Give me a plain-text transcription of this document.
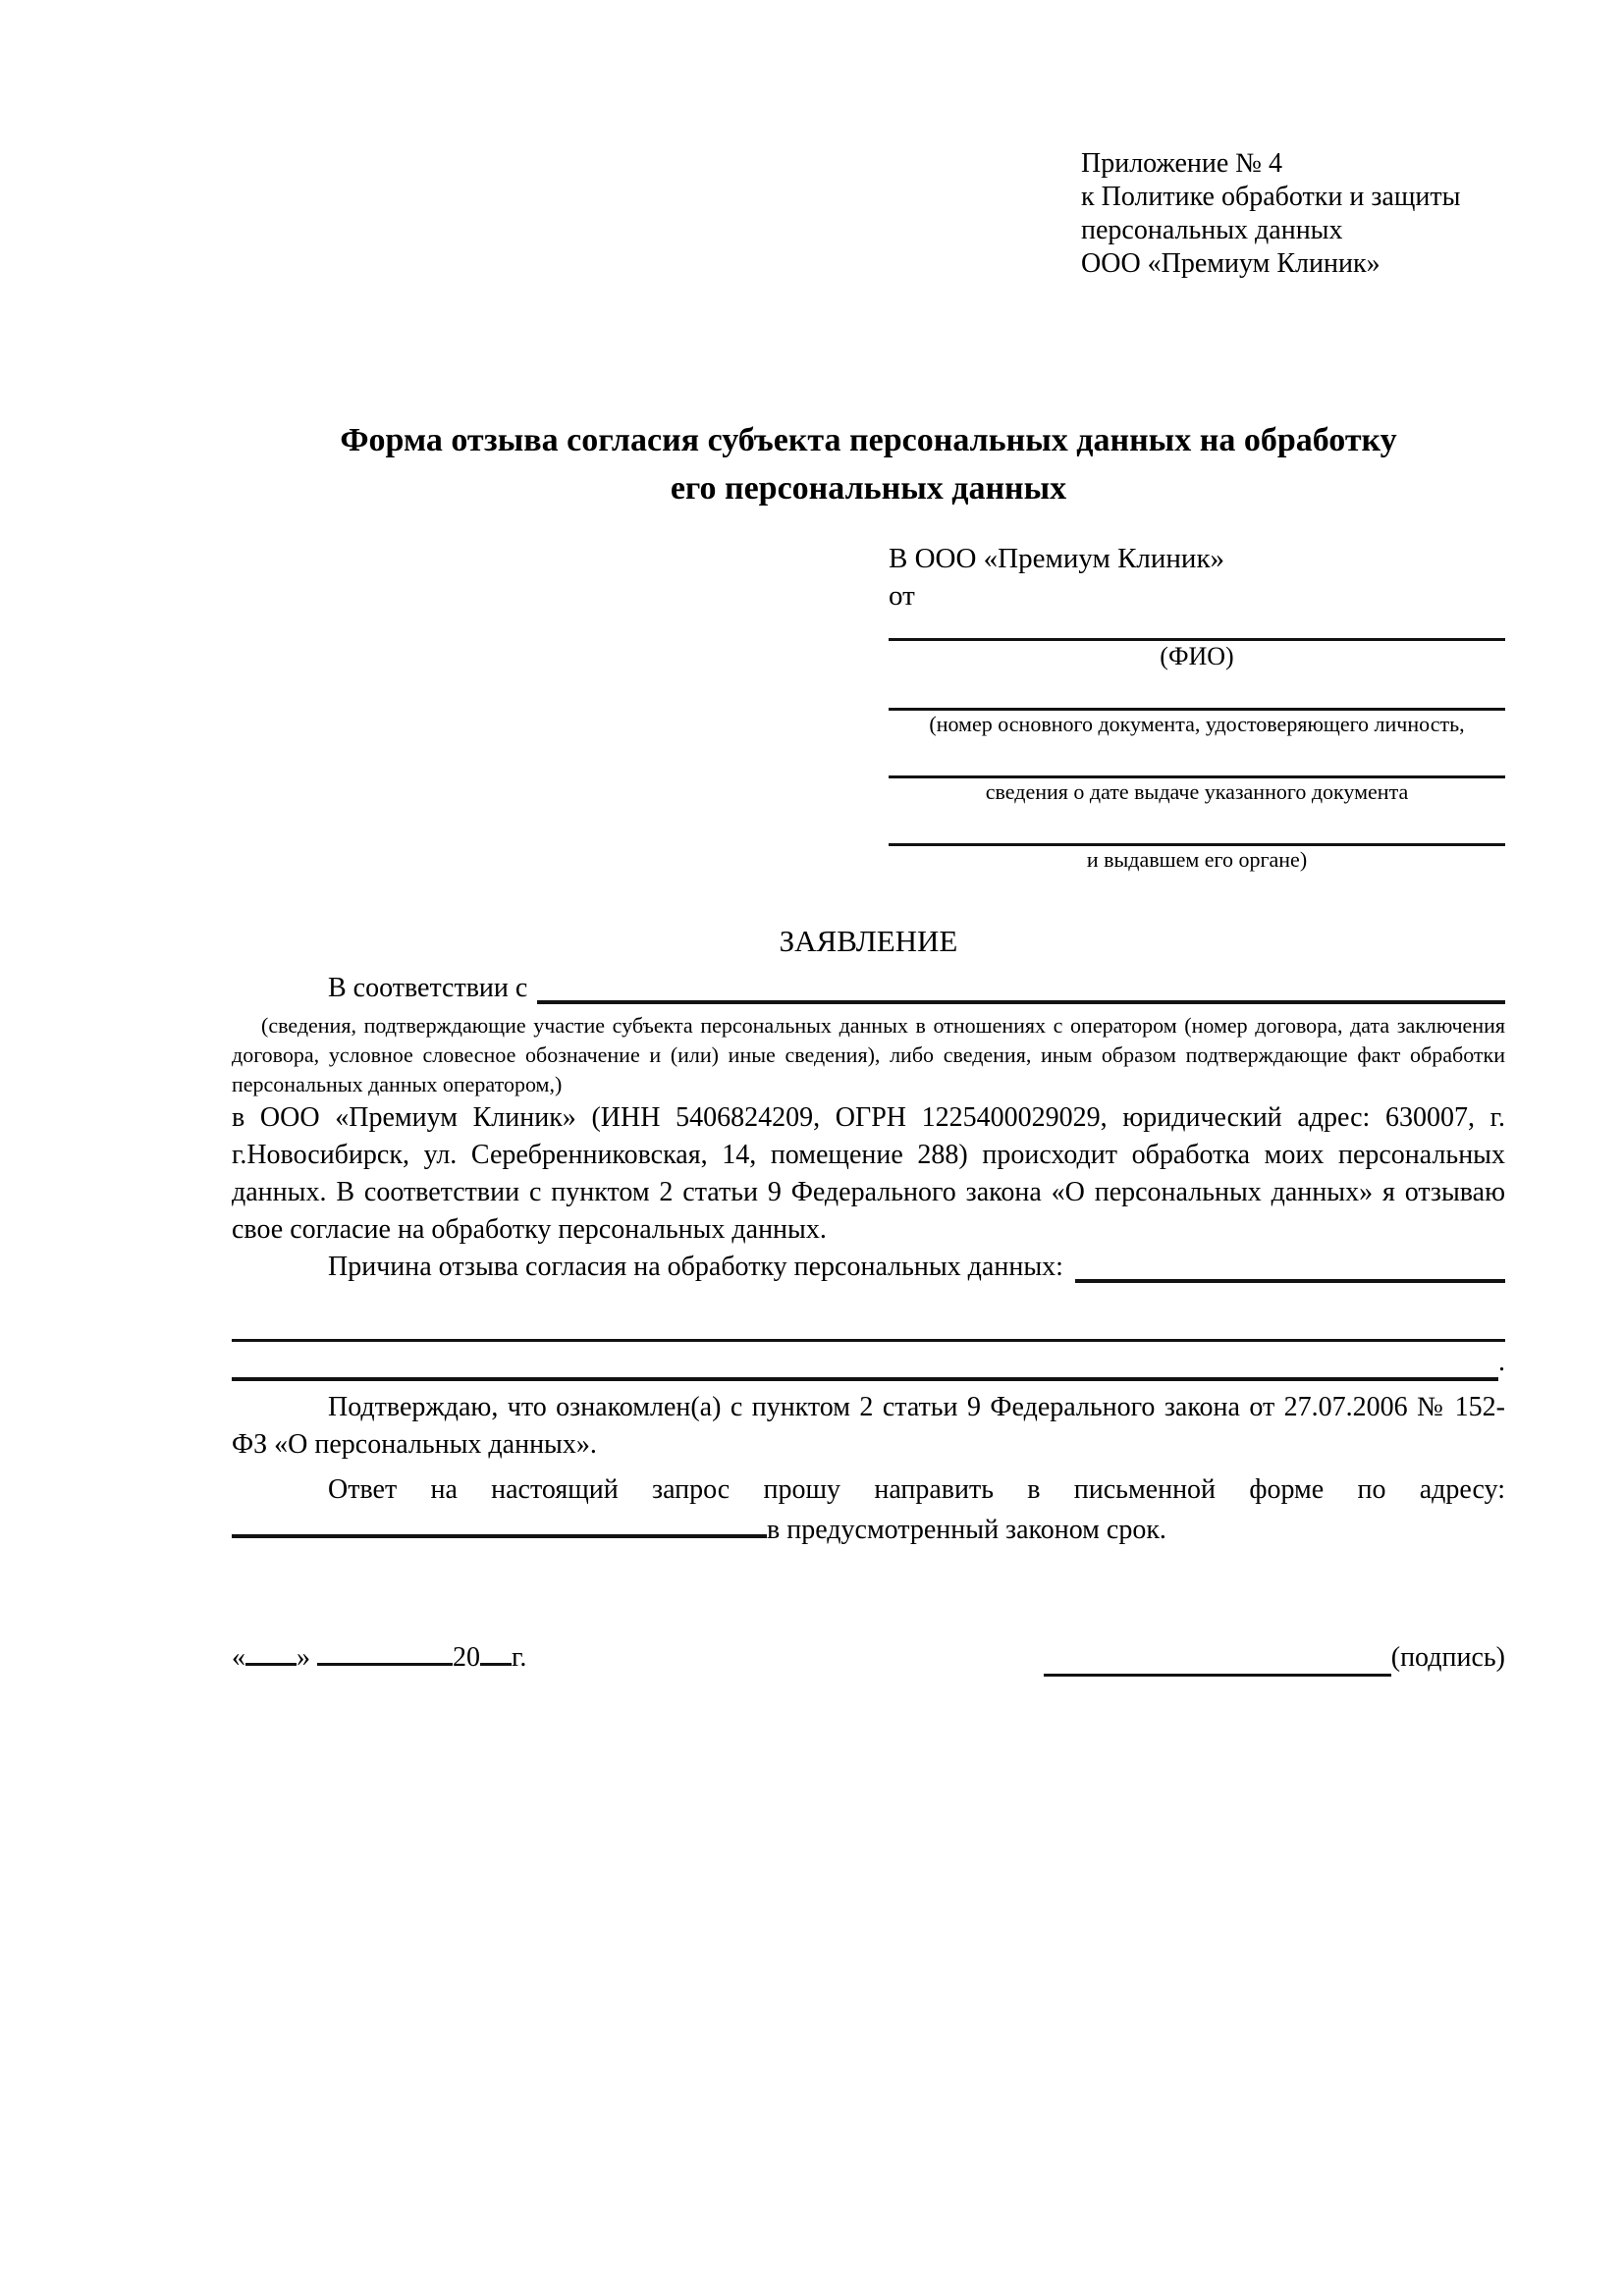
Приложение № 4
к Политике обработки и защиты
персональных данных
ООО «Премиум Клиник»
Форма отзыва согласия субъекта персональных данных на обработку
его персональных данных
В ООО «Премиум Клиник»
от
(ФИО)
(номер основного документа, удостоверяющего личность,
сведения о дате выдаче указанного документа
и выдавшем его органе)
ЗАЯВЛЕНИЕ
В соответствии с
(сведения, подтверждающие участие субъекта персональных данных в отношениях с оператором (номер договора, дата заключения договора, условное словесное обозначение и (или) иные сведения), либо сведения, иным образом подтверждающие факт обработки персональных данных оператором,)
в ООО «Премиум Клиник» (ИНН 5406824209, ОГРН 1225400029029, юридический адрес: 630007, г. г.Новосибирск, ул. Серебренниковская, 14, помещение 288) происходит обработка моих персональных данных. В соответствии с пунктом 2 статьи 9 Федерального закона «О персональных данных» я отзываю свое согласие на обработку персональных данных.
Причина отзыва согласия на обработку персональных данных:
.
Подтверждаю, что ознакомлен(а) с пунктом 2 статьи 9 Федерального закона от 27.07.2006 № 152-ФЗ «О персональных данных».
Ответ на настоящий запрос прошу направить в письменной форме по адресу: в предусмотренный законом срок.
« »	20 г.	(подпись)
